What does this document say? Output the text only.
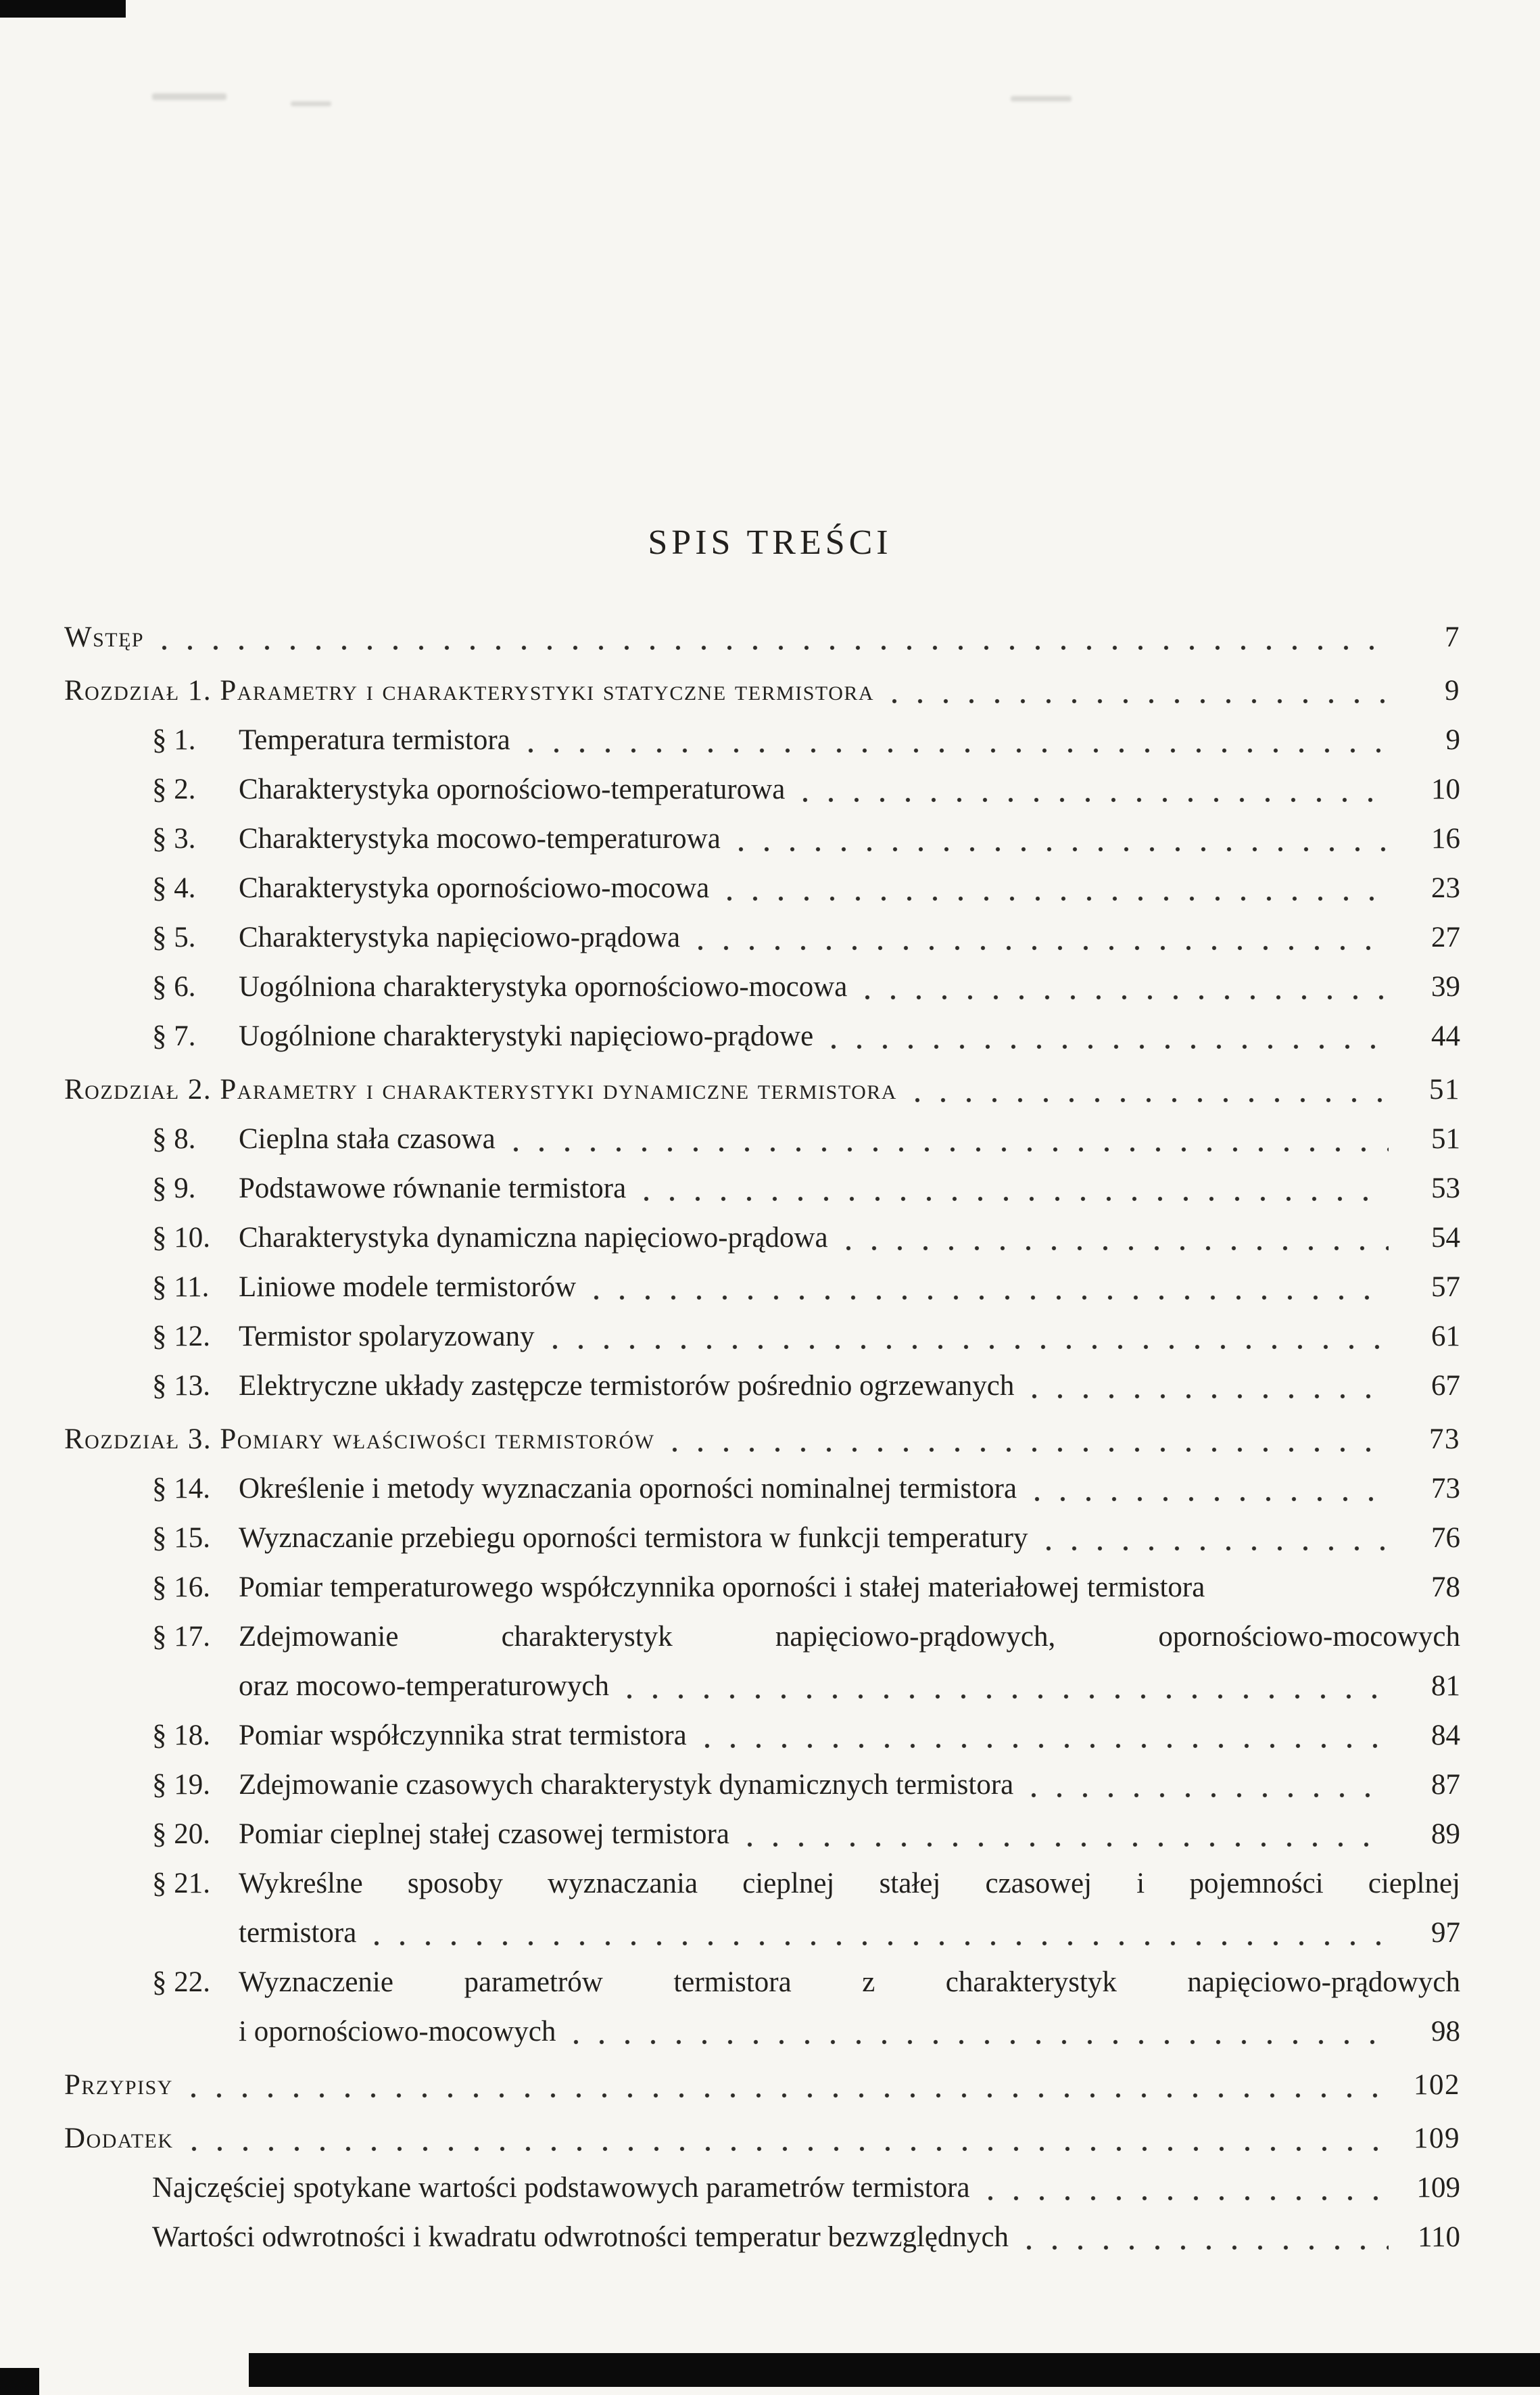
SPIS TREŚCI
Wstęp	7
Rozdział 1. Parametry i charakterystyki statyczne termistora	9
§ 1.	Temperatura termistora	9
§ 2.	Charakterystyka opornościowo-temperaturowa	10
§ 3.	Charakterystyka mocowo-temperaturowa	16
§ 4.	Charakterystyka opornościowo-mocowa	23
§ 5.	Charakterystyka napięciowo-prądowa	27
§ 6.	Uogólniona charakterystyka opornościowo-mocowa	39
§ 7.	Uogólnione charakterystyki napięciowo-prądowe	44
Rozdział 2. Parametry i charakterystyki dynamiczne termistora	51
§ 8.	Cieplna stała czasowa	51
§ 9.	Podstawowe równanie termistora	53
§ 10. Charakterystyka dynamiczna napięciowo-prądowa	54
§ 11.	Liniowe modele termistorów	57
§ 12. Termistor spolaryzowany	61
§ 13. Elektryczne układy zastępcze termistorów pośrednio ogrzewanych	67
Rozdział 3. Pomiary właściwości termistorów	73
§ 14. Określenie i metody wyznaczania oporności nominalnej termistora	73
§ 15. Wyznaczanie przebiegu oporności termistora w funkcji temperatury	76
§ 16. Pomiar temperaturowego współczynnika oporności i stałej materiałowej termistora	78
§ 17. Zdejmowanie charakterystyk napięciowo-prądowych, opornościowo-mocowych
oraz mocowo-temperaturowych	81
§ 18. Pomiar współczynnika strat termistora	84
§ 19. Zdejmowanie czasowych charakterystyk dynamicznych termistora	87
§ 20. Pomiar cieplnej stałej czasowej termistora	89
§ 21. Wykreślne sposoby wyznaczania cieplnej stałej czasowej i pojemności cieplnej
termistora	97
§ 22. Wyznaczenie parametrów termistora z charakterystyk napięciowo-prądowych
i opornościowo-mocowych	98
Przypisy	102
Dodatek	109
Najczęściej spotykane wartości podstawowych parametrów termistora	109
Wartości odwrotności i kwadratu odwrotności temperatur bezwzględnych	110
